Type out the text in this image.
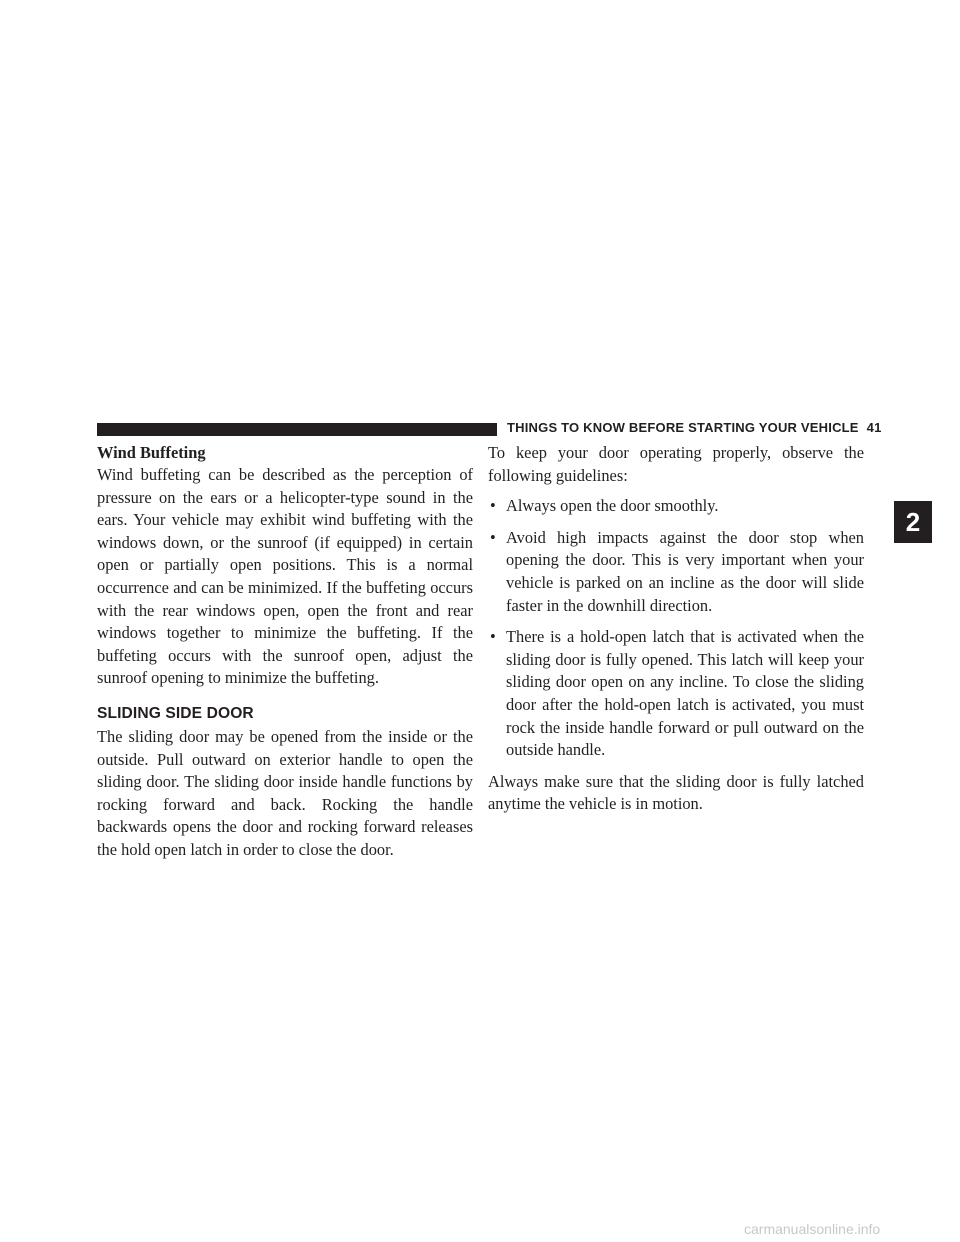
THINGS TO KNOW BEFORE STARTING YOUR VEHICLE 41
2
Wind Buffeting

Wind buffeting can be described as the perception of pressure on the ears or a helicopter-type sound in the ears. Your vehicle may exhibit wind buffeting with the windows down, or the sunroof (if equipped) in certain open or partially open positions. This is a normal occurrence and can be minimized. If the buffeting occurs with the rear windows open, open the front and rear windows together to minimize the buffeting. If the buffeting occurs with the sunroof open, adjust the sunroof opening to minimize the buffeting.

SLIDING SIDE DOOR

The sliding door may be opened from the inside or the outside. Pull outward on exterior handle to open the sliding door. The sliding door inside handle functions by rocking forward and back. Rocking the handle backwards opens the door and rocking forward releases the hold open latch in order to close the door.

To keep your door operating properly, observe the following guidelines:

• Always open the door smoothly.
• Avoid high impacts against the door stop when opening the door. This is very important when your vehicle is parked on an incline as the door will slide faster in the downhill direction.
• There is a hold-open latch that is activated when the sliding door is fully opened. This latch will keep your sliding door open on any incline. To close the sliding door after the hold-open latch is activated, you must rock the inside handle forward or pull outward on the outside handle.

Always make sure that the sliding door is fully latched anytime the vehicle is in motion.

carmanualsonline.info
